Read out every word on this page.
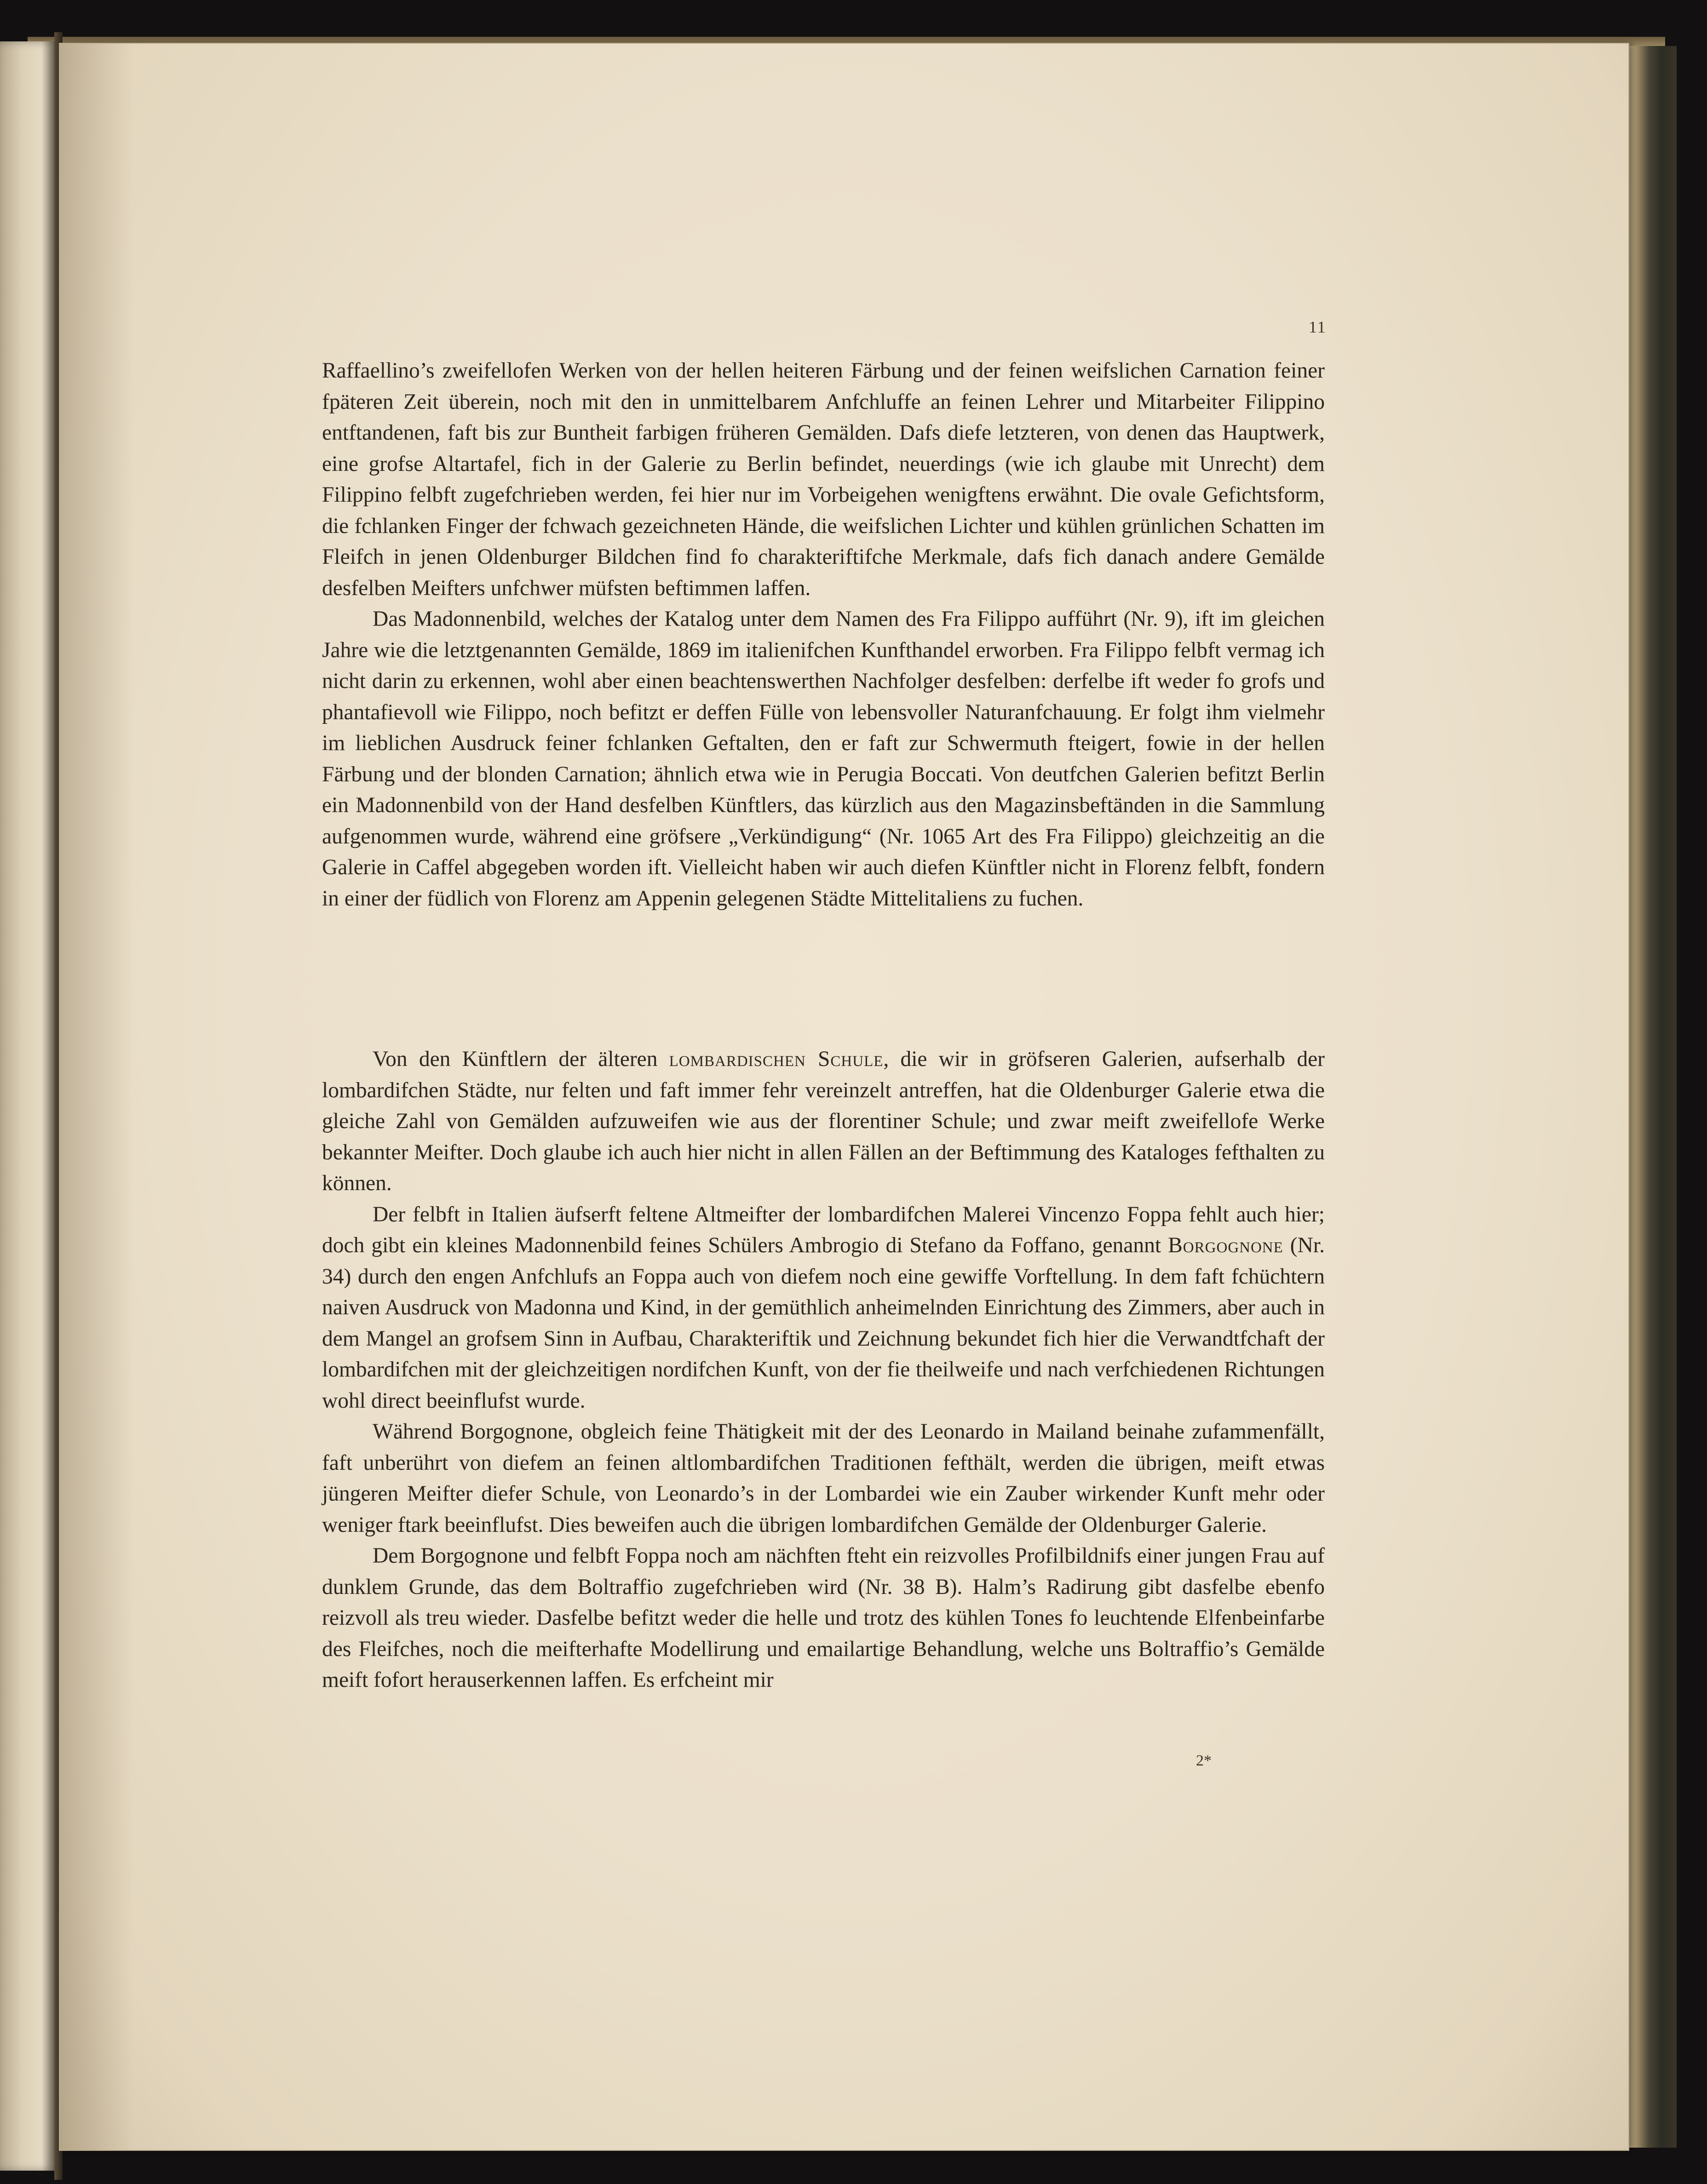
11

Raffaellino’s zweifellofen Werken von der hellen heiteren Färbung und der feinen weifslichen Carnation feiner fpäteren Zeit überein, noch mit den in unmittelbarem Anfchluffe an feinen Lehrer und Mitarbeiter Filippino entftandenen, faft bis zur Buntheit farbigen früheren Gemälden. Dafs diefe letzteren, von denen das Hauptwerk, eine grofse Altartafel, fich in der Galerie zu Berlin befindet, neuerdings (wie ich glaube mit Unrecht) dem Filippino felbft zugefchrieben werden, fei hier nur im Vorbeigehen wenigftens erwähnt. Die ovale Gefichtsform, die fchlanken Finger der fchwach gezeichneten Hände, die weifslichen Lichter und kühlen grünlichen Schatten im Fleifch in jenen Oldenburger Bildchen find fo charakteriftifche Merkmale, dafs fich danach andere Gemälde desfelben Meifters unfchwer müfsten beftimmen laffen.

Das Madonnenbild, welches der Katalog unter dem Namen des Fra Filippo aufführt (Nr. 9), ift im gleichen Jahre wie die letztgenannten Gemälde, 1869 im italienifchen Kunfthandel erworben. Fra Filippo felbft vermag ich nicht darin zu erkennen, wohl aber einen beachtenswerthen Nachfolger desfelben: derfelbe ift weder fo grofs und phantafievoll wie Filippo, noch befitzt er deffen Fülle von lebensvoller Naturanfchauung. Er folgt ihm vielmehr im lieblichen Ausdruck feiner fchlanken Geftalten, den er faft zur Schwermuth fteigert, fowie in der hellen Färbung und der blonden Carnation; ähnlich etwa wie in Perugia Boccati. Von deutfchen Galerien befitzt Berlin ein Madonnenbild von der Hand desfelben Künftlers, das kürzlich aus den Magazinsbeftänden in die Sammlung aufgenommen wurde, während eine gröfsere „Verkündigung“ (Nr. 1065 Art des Fra Filippo) gleichzeitig an die Galerie in Caffel abgegeben worden ift. Vielleicht haben wir auch diefen Künftler nicht in Florenz felbft, fondern in einer der füdlich von Florenz am Appenin gelegenen Städte Mittelitaliens zu fuchen.

Von den Künftlern der älteren lombardischen Schule, die wir in gröfseren Galerien, aufserhalb der lombardifchen Städte, nur felten und faft immer fehr vereinzelt antreffen, hat die Oldenburger Galerie etwa die gleiche Zahl von Gemälden aufzuweifen wie aus der florentiner Schule; und zwar meift zweifellofe Werke bekannter Meifter. Doch glaube ich auch hier nicht in allen Fällen an der Beftimmung des Kataloges fefthalten zu können.

Der felbft in Italien äufserft feltene Altmeifter der lombardifchen Malerei Vincenzo Foppa fehlt auch hier; doch gibt ein kleines Madonnenbild feines Schülers Ambrogio di Stefano da Foffano, genannt Borgognone (Nr. 34) durch den engen Anfchlufs an Foppa auch von diefem noch eine gewiffe Vorftellung. In dem faft fchüchtern naiven Ausdruck von Madonna und Kind, in der gemüthlich anheimelnden Einrichtung des Zimmers, aber auch in dem Mangel an grofsem Sinn in Aufbau, Charakteriftik und Zeichnung bekundet fich hier die Verwandtfchaft der lombardifchen mit der gleichzeitigen nordifchen Kunft, von der fie theilweife und nach verfchiedenen Richtungen wohl direct beeinflufst wurde.

Während Borgognone, obgleich feine Thätigkeit mit der des Leonardo in Mailand beinahe zufammenfällt, faft unberührt von diefem an feinen altlombardifchen Traditionen fefthält, werden die übrigen, meift etwas jüngeren Meifter diefer Schule, von Leonardo’s in der Lombardei wie ein Zauber wirkender Kunft mehr oder weniger ftark beeinflufst. Dies beweifen auch die übrigen lombardifchen Gemälde der Oldenburger Galerie.

Dem Borgognone und felbft Foppa noch am nächften fteht ein reizvolles Profilbildnifs einer jungen Frau auf dunklem Grunde, das dem Boltraffio zugefchrieben wird (Nr. 38 B). Halm’s Radirung gibt dasfelbe ebenfo reizvoll als treu wieder. Dasfelbe befitzt weder die helle und trotz des kühlen Tones fo leuchtende Elfenbeinfarbe des Fleifches, noch die meifterhafte Modellirung und emailartige Behandlung, welche uns Boltraffio’s Gemälde meift fofort herauserkennen laffen. Es erfcheint mir

2*
